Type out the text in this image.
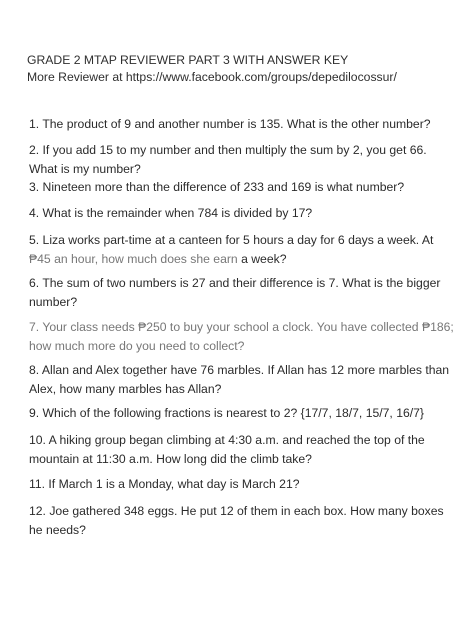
GRADE 2 MTAP REVIEWER PART 3 WITH ANSWER KEY

More Reviewer at https://www.facebook.com/groups/depedilocossur/

1. The product of 9 and another number is 135. What is the other number?

2. If you add 15 to my number and then multiply the sum by 2, you get 66. What is my number?

3. Nineteen more than the difference of 233 and 169 is what number?

4. What is the remainder when 784 is divided by 17?

5. Liza works part-time at a canteen for 5 hours a day for 6 days a week. At ₱45 an hour, how much does she earn a week?

6. The sum of two numbers is 27 and their difference is 7. What is the bigger number?

7. Your class needs ₱250 to buy your school a clock. You have collected ₱186; how much more do you need to collect?

8. Allan and Alex together have 76 marbles. If Allan has 12 more marbles than Alex, how many marbles has Allan?

9. Which of the following fractions is nearest to 2? {17/7, 18/7, 15/7, 16/7}

10. A hiking group began climbing at 4:30 a.m. and reached the top of the mountain at 11:30 a.m. How long did the climb take?

11. If March 1 is a Monday, what day is March 21?

12. Joe gathered 348 eggs. He put 12 of them in each box. How many boxes he needs?
